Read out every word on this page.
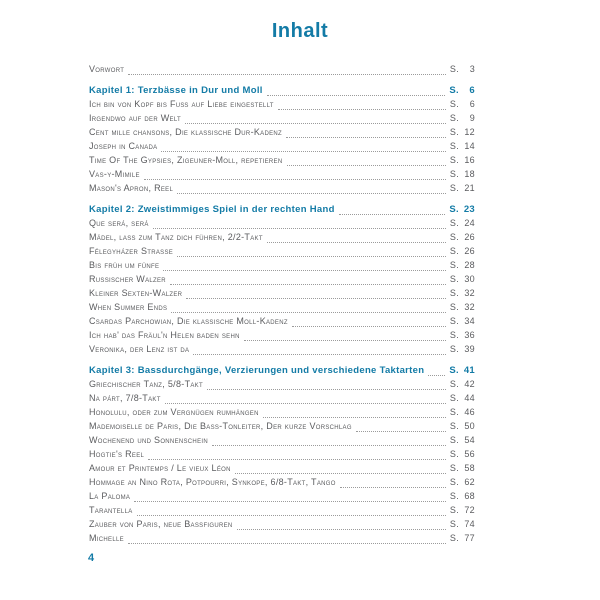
Inhalt
Vorwort	S.	3
Kapitel 1: Terzbässe in Dur und Moll	S.	6
Ich bin von Kopf bis Fuß auf Liebe eingestellt	S.	6
Irgendwo auf der Welt	S.	9
Cent mille chansons, Die klassische Dur-Kadenz	S. 12
Joseph in Canada	S. 14
Time Of The Gypsies, Zigeuner-Moll, repetieren	S. 16
Vas-y-Mimile	S. 18
Mason's Apron, Reel	S. 21
Kapitel 2: Zweistimmiges Spiel in der rechten Hand	S. 23
Que será, será	S. 24
Mädel, lass zum Tanz dich führen, 2/2-Takt	S. 26
Félegyházer Strasse	S. 26
Bis früh um fünfe	S. 28
Russischer Walzer	S. 30
Kleiner Sexten-Walzer	S. 32
When Summer Ends	S. 32
Csardas Parchowian, Die klassische Moll-Kadenz	S. 34
Ich hab' das Fräul'n Helen baden sehn	S. 36
Veronika, der Lenz ist da	S. 39
Kapitel 3: Bassdurchgänge, Verzierungen und verschiedene Taktarten	S. 41
Griechischer Tanz, 5/8-Takt	S. 42
Na párt, 7/8-Takt	S. 44
Honolulu, oder zum Vergnügen rumhängen	S. 46
Mademoiselle de Paris, Die Bass-Tonleiter, Der kurze Vorschlag	S. 50
Wochenend und Sonnenschein	S. 54
Hogtie's Reel	S. 56
Amour et Printemps / Le vieux Léon	S. 58
Hommage an Nino Rota, Potpourri, Synkope, 6/8-Takt, Tango	S. 62
La Paloma	S. 68
Tarantella	S. 72
Zauber von Paris, neue Bassfiguren	S. 74
Michelle	S. 77
4
